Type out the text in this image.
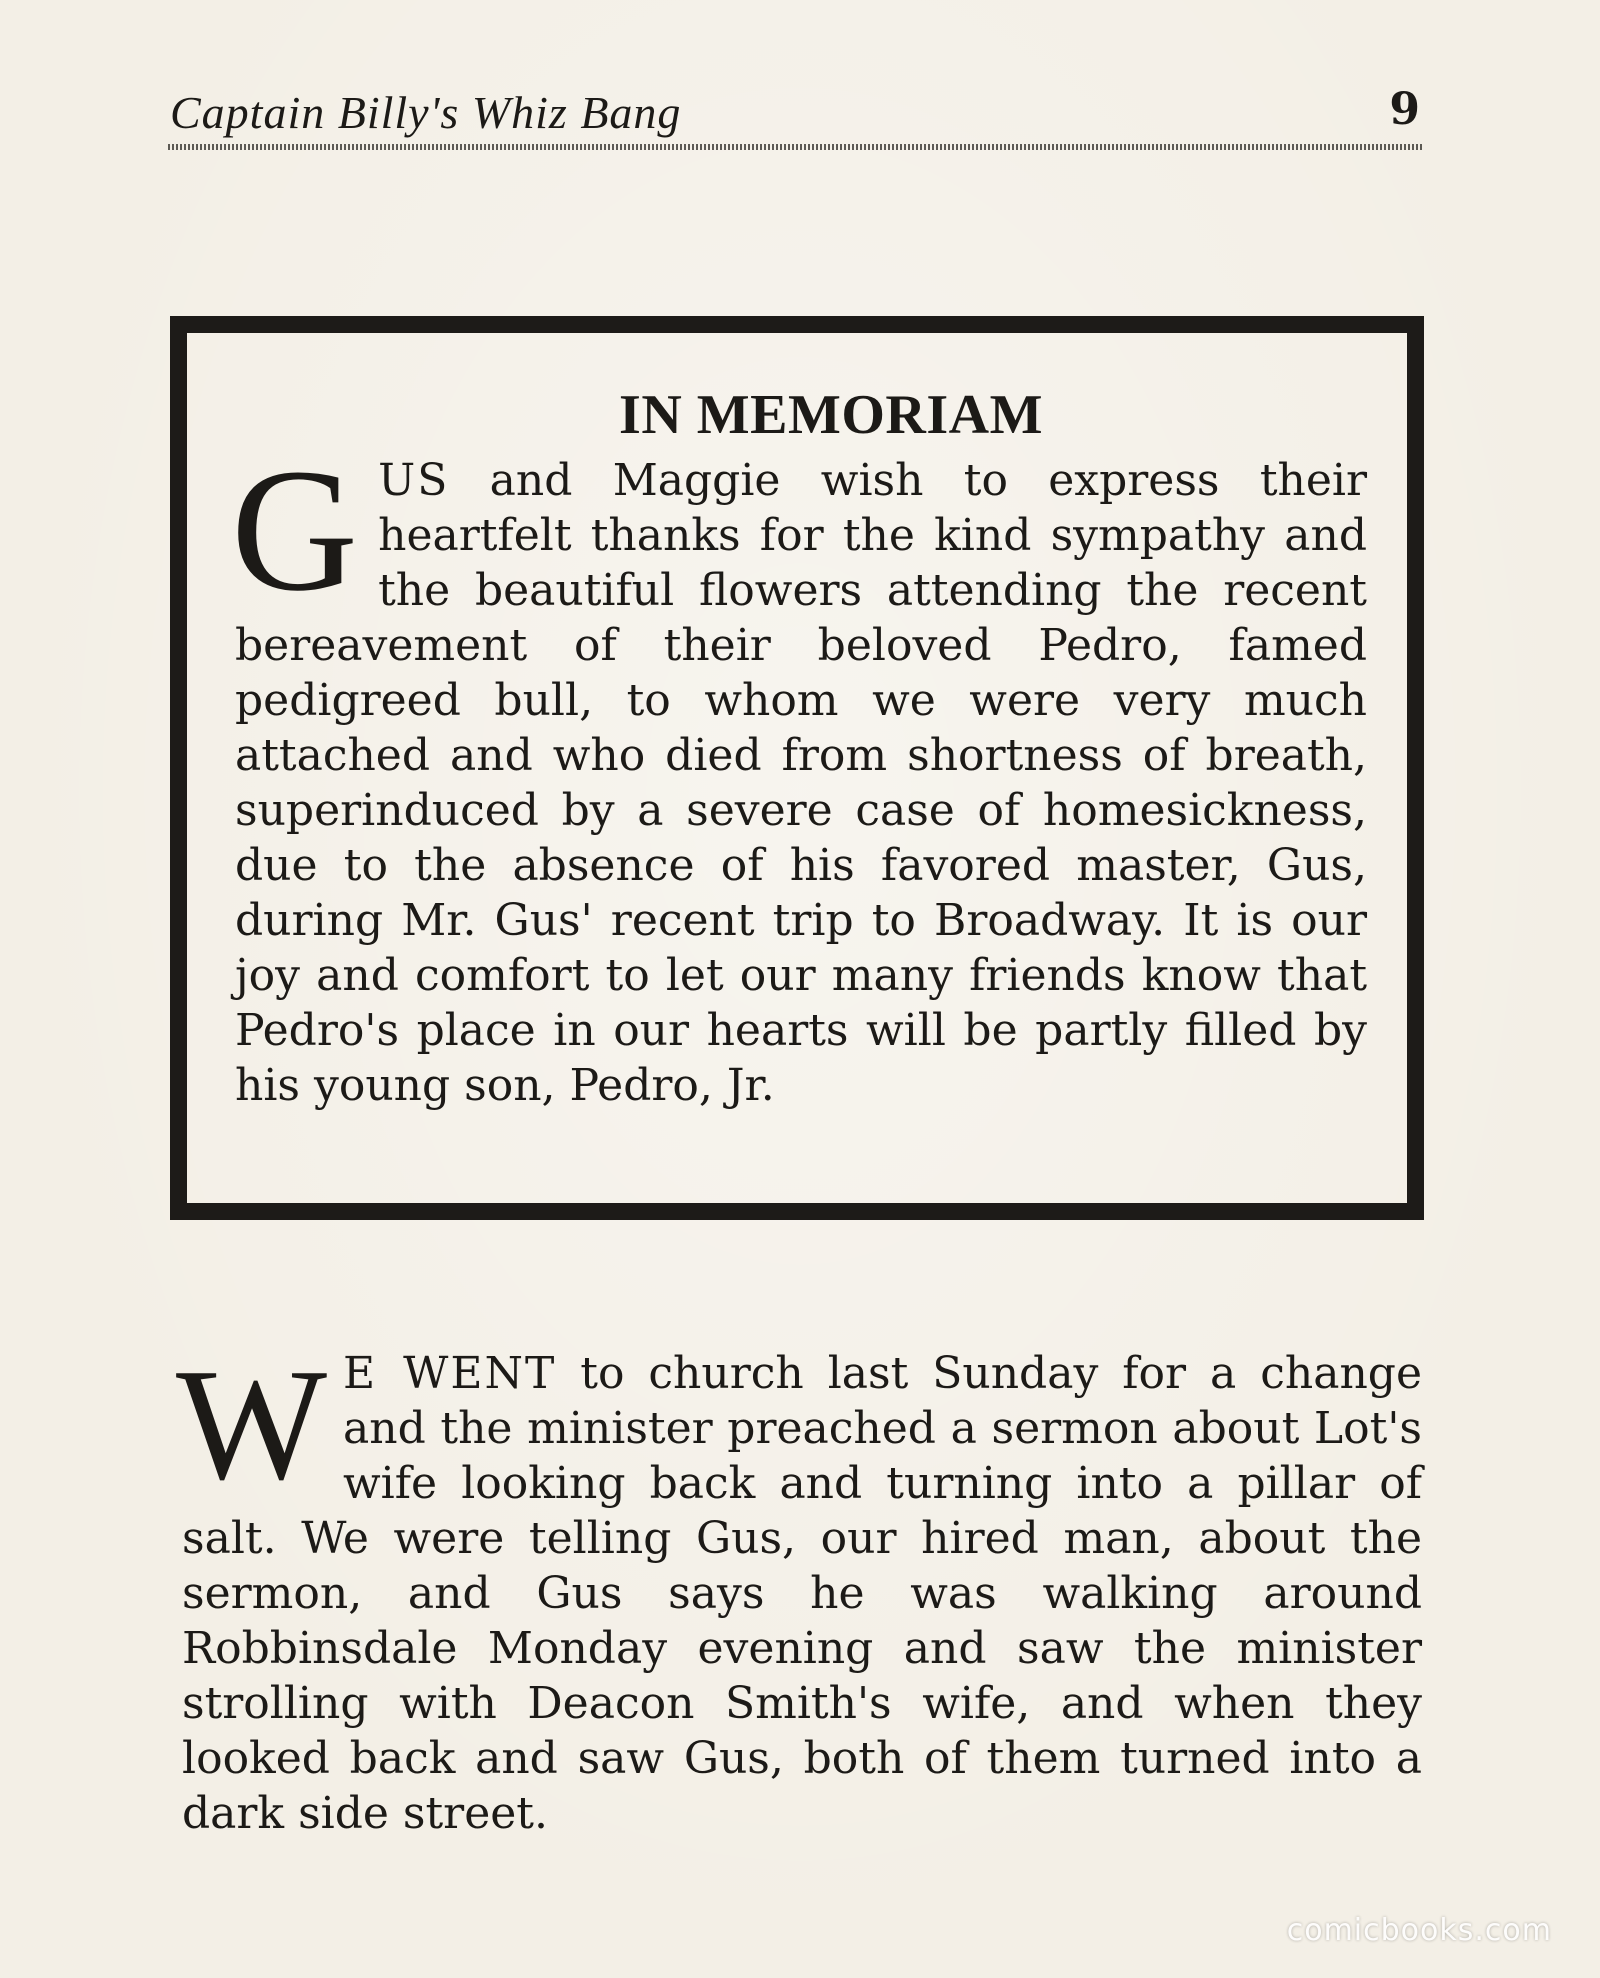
Captain Billy's Whiz Bang	9
IN MEMORIAM

GUS and Maggie wish to express their heartfelt thanks for the kind sympathy and the beautiful flowers attending the recent bereavement of their beloved Pedro, famed pedigreed bull, to whom we were very much attached and who died from shortness of breath, superinduced by a severe case of homesickness, due to the absence of his favored master, Gus, during Mr. Gus' recent trip to Broadway. It is our joy and comfort to let our many friends know that Pedro's place in our hearts will be partly filled by his young son, Pedro, Jr.

W E WENT to church last Sunday for a change and the minister preached a sermon about Lot's wife looking back and turning into a pillar of salt. We were telling Gus, our hired man, about the sermon, and Gus says he was walking around Robbinsdale Monday evening and saw the minister strolling with Deacon Smith's wife, and when they looked back and saw Gus, both of them turned into a dark side street.

comicbooks.com
